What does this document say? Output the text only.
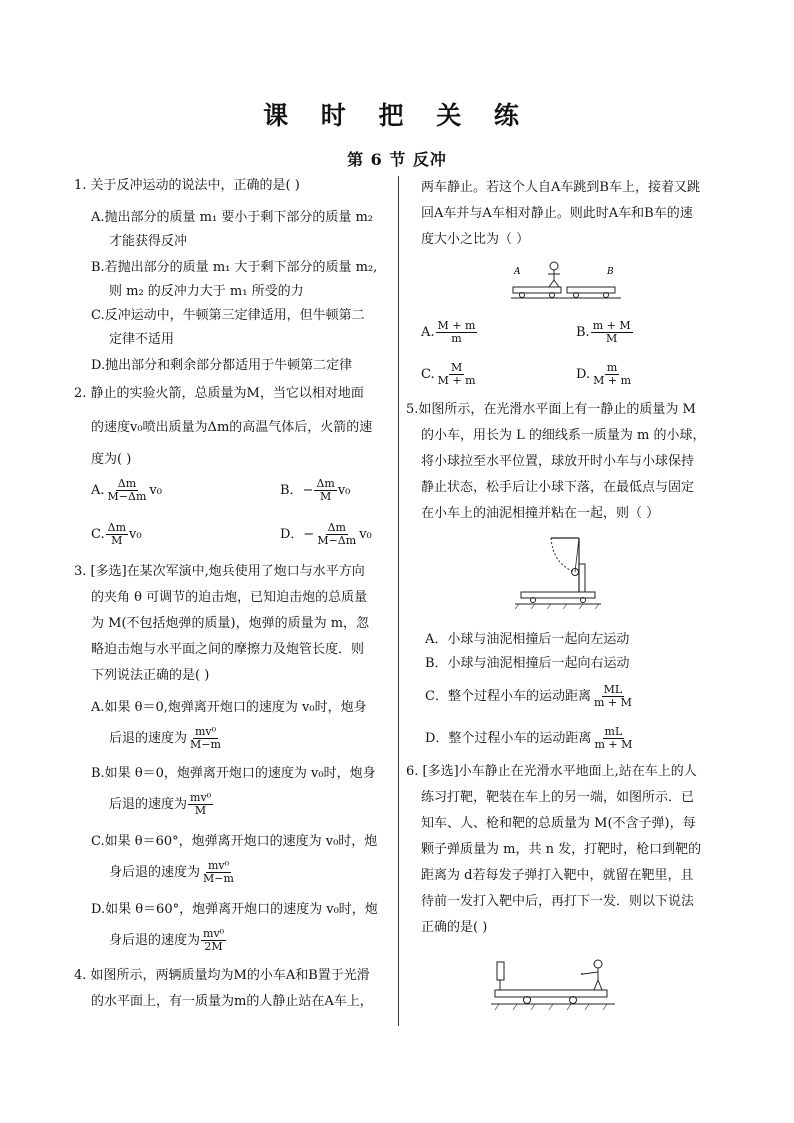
课 时 把 关 练
第 6 节 反冲
1. 关于反冲运动的说法中，正确的是( )
A.抛出部分的质量 m₁ 要小于剩下部分的质量 m₂
才能获得反冲
B.若抛出部分的质量 m₁ 大于剩下部分的质量 m₂,
则 m₂ 的反冲力大于 m₁ 所受的力
C.反冲运动中，牛顿第三定律适用，但牛顿第二
定律不适用
D.抛出部分和剩余部分都适用于牛顿第二定律
2. 静止的实验火箭，总质量为M，当它以相对地面
的速度v₀喷出质量为Δm的高温气体后，火箭的速
度为( )
A. $\frac{\Delta m}{M-\Delta m} v_0$	B．− $\frac{\Delta m}{M} v_0$
C. $\frac{\Delta m}{M} v_0$	D．− $\frac{\Delta m}{M-\Delta m} v_0$
3. [多选]在某次军演中,炮兵使用了炮口与水平方向
的夹角 θ 可调节的迫击炮，已知迫击炮的总质量
为 M(不包括炮弹的质量)，炮弹的质量为 m，忽
略迫击炮与水平面之间的摩擦力及炮管长度．则
下列说法正确的是( )
A.如果 θ＝0,炮弹离开炮口的速度为 v₀时，炮身
后退的速度为 $\frac{\text{mv⁰}}{M-m}$
B.如果 θ＝0，炮弹离开炮口的速度为 v₀时，炮身
后退的速度为 $\frac{\text{mv⁰}}{M}$
C.如果 θ＝60°，炮弹离开炮口的速度为 v₀时，炮
身后退的速度为 $\frac{\text{mv⁰}}{M-m}$
D.如果 θ＝60°，炮弹离开炮口的速度为 v₀时，炮
身后退的速度为 $\frac{\text{mv⁰}}{2M}$
4. 如图所示，两辆质量均为M的小车A和B置于光滑
的水平面上，有一质量为m的人静止站在A车上，
两车静止。若这个人自A车跳到B车上，接着又跳
回A车并与A车相对静止。则此时A车和B车的速
度大小之比为（ ）
A	B
A. $\frac{M + m}{m}$	B. $\frac{m + M}{M}$
C. $\frac{M}{M + m}$	D. $\frac{m}{M + m}$
5.如图所示，在光滑水平面上有一静止的质量为 M
的小车，用长为 L 的细线系一质量为 m 的小球，
将小球拉至水平位置，球放开时小车与小球保持
静止状态，松手后让小球下落，在最低点与固定
在小车上的油泥相撞并粘在一起，则（ ）
A．小球与油泥相撞后一起向左运动
B．小球与油泥相撞后一起向右运动
C．整个过程小车的运动距离 $\frac{ML}{m + M}$
D．整个过程小车的运动距离 $\frac{mL}{m + M}$
6. [多选]小车静止在光滑水平地面上,站在车上的人
练习打靶，靶装在车上的另一端，如图所示．已
知车、人、枪和靶的总质量为 M(不含子弹)，每
颗子弹质量为 m，共 n 发，打靶时，枪口到靶的
距离为 d若每发子弹打入靶中，就留在靶里，且
待前一发打入靶中后，再打下一发．则以下说法
正确的是( )
